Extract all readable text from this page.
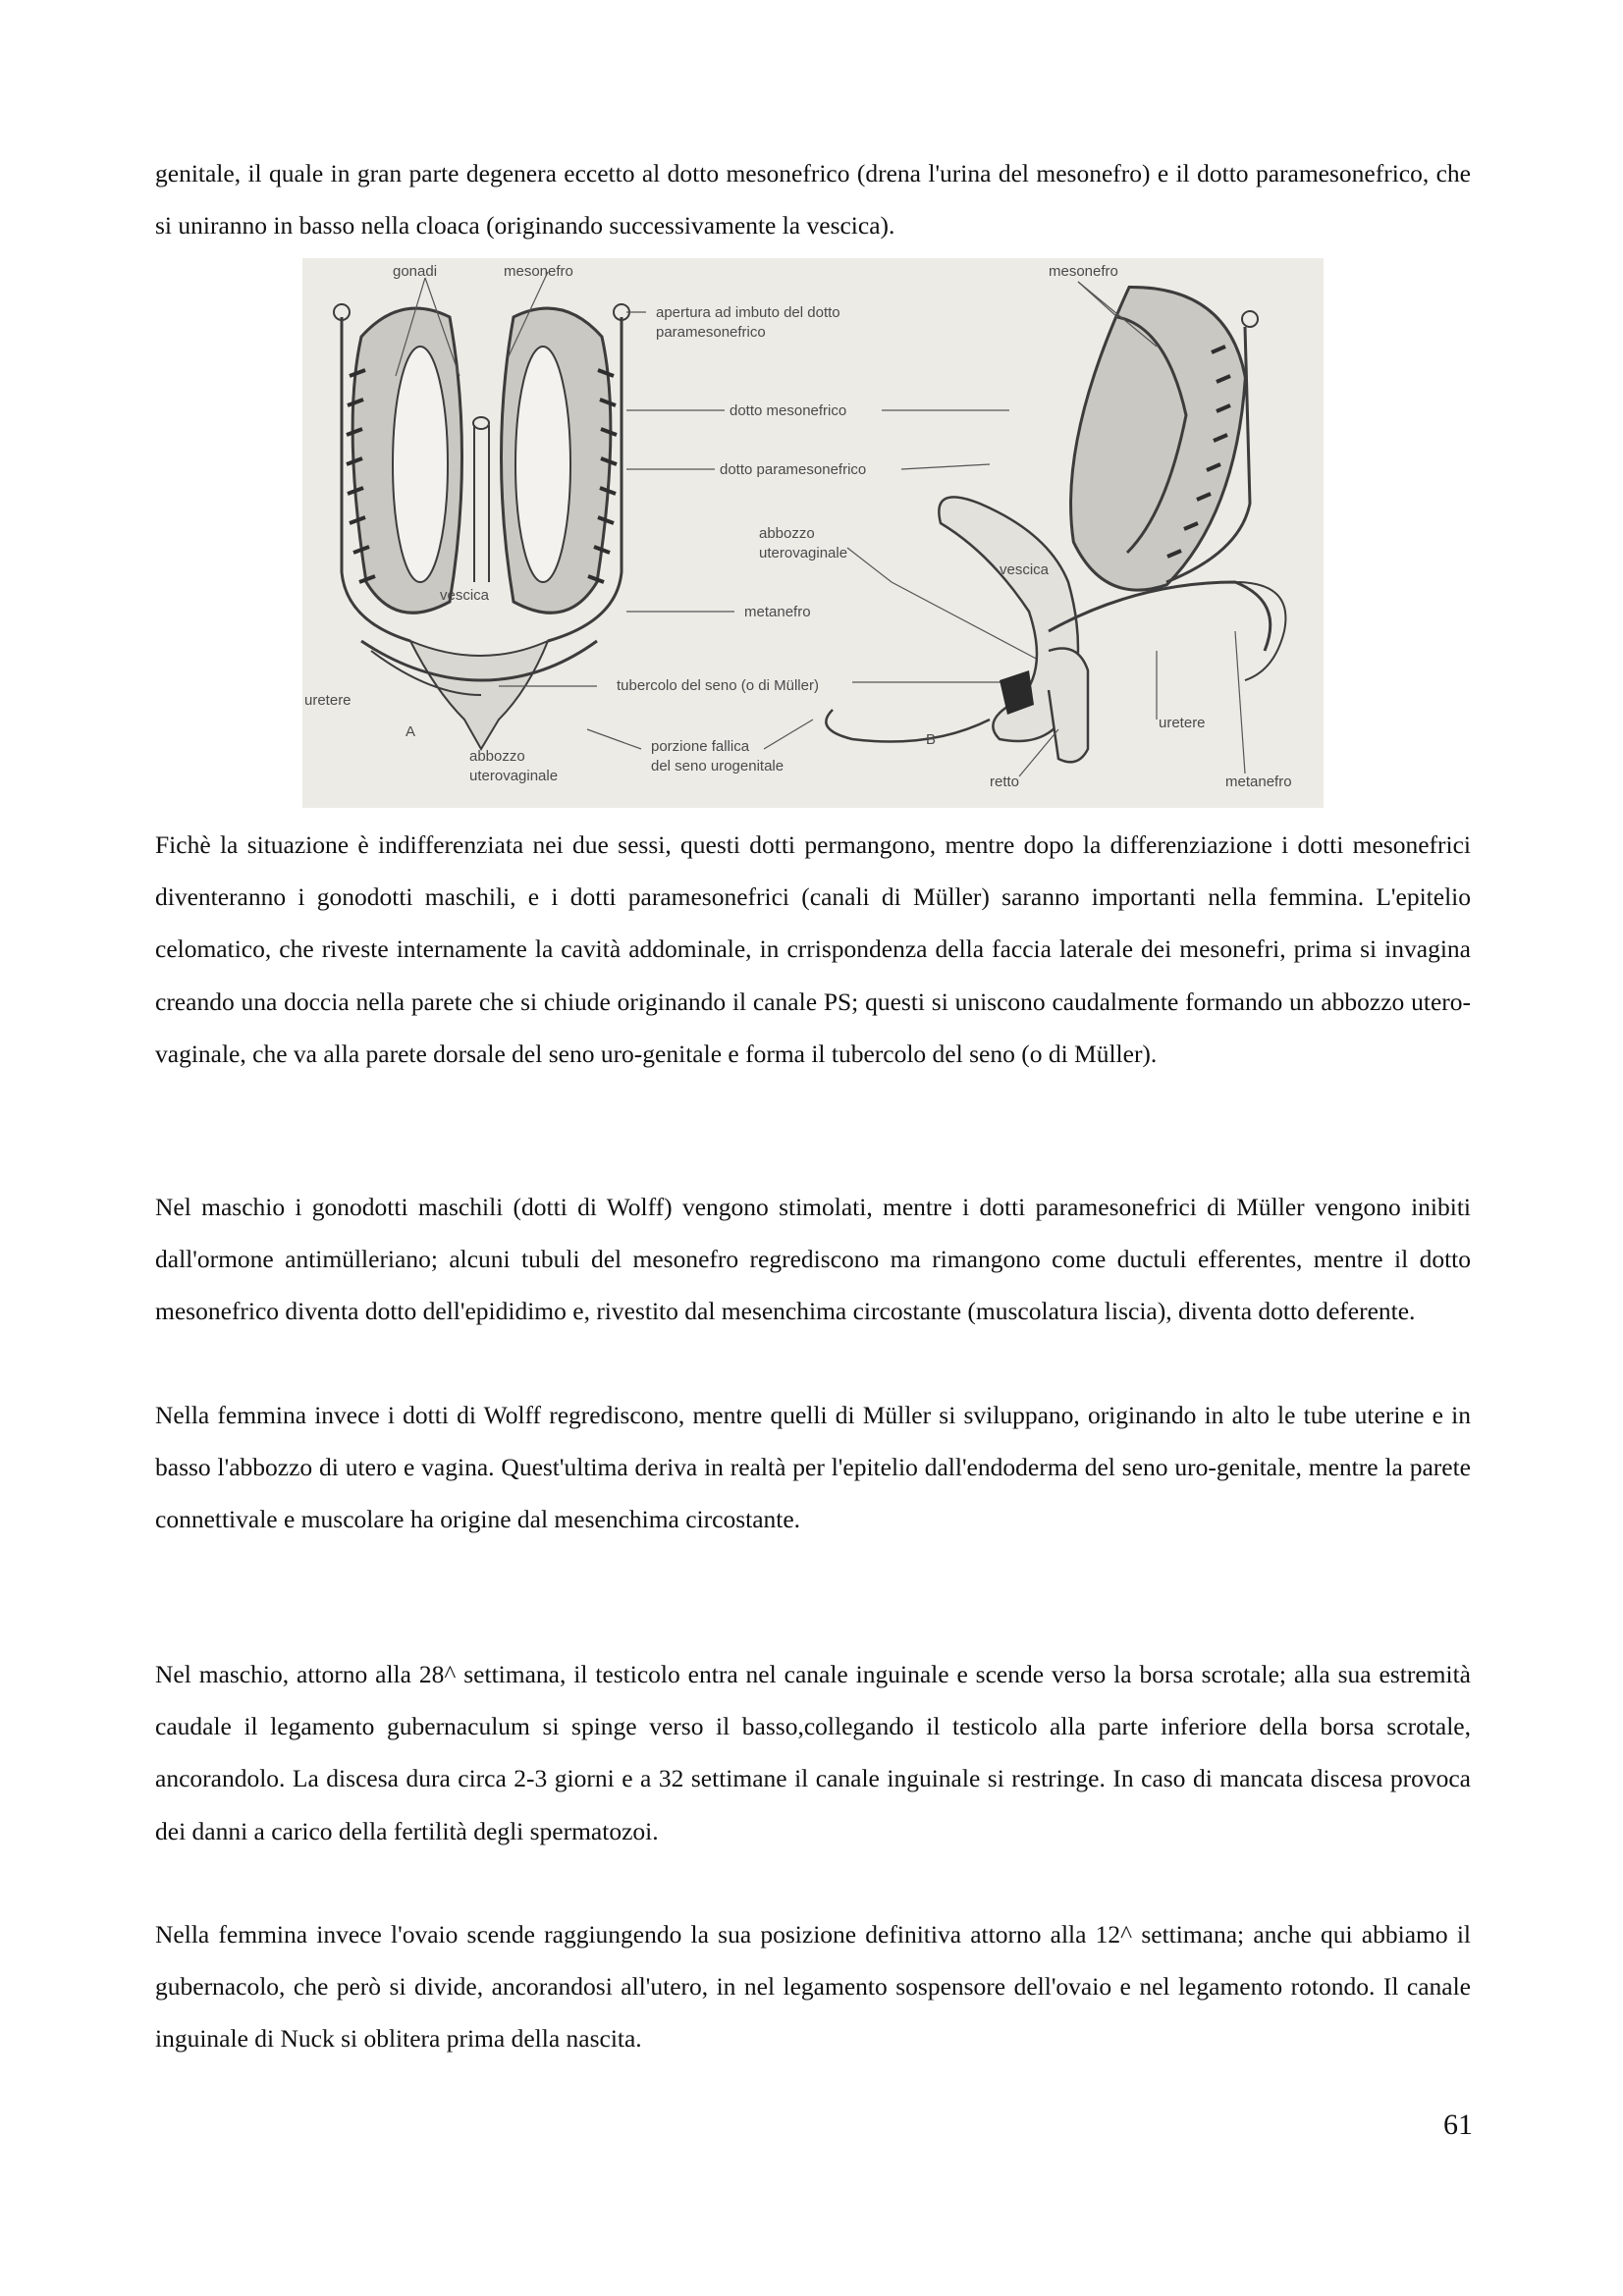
genitale, il quale in gran parte degenera eccetto al dotto mesonefrico (drena l'urina del mesonefro) e il dotto paramesonefrico, che si uniranno in basso nella cloaca (originando successivamente la vescica).

gonadi	mesonefro
apertura ad imbuto del dotto
paramesonefrico
dotto mesonefrico
dotto paramesonefrico
abbozzo
uterovaginale
vescica
metanefro
tubercolo del seno (o di Müller)
uretere
A
abbozzo
uterovaginale
porzione fallica
del seno urogenitale
mesonefro
vescica
uretere
retto	metanefro
B

Fichè la situazione è indifferenziata nei due sessi, questi dotti permangono, mentre dopo la differenziazione i dotti mesonefrici diventeranno i gonodotti maschili, e i dotti paramesonefrici (canali di Müller) saranno importanti nella femmina. L'epitelio celomatico, che riveste internamente la cavità addominale, in crrispondenza della faccia laterale dei mesonefri, prima si invagina creando una doccia nella parete che si chiude originando il canale PS; questi si uniscono caudalmente formando un abbozzo utero-vaginale, che va alla parete dorsale del seno uro-genitale e forma il tubercolo del seno (o di Müller).

Nel maschio i gonodotti maschili (dotti di Wolff) vengono stimolati, mentre i dotti paramesonefrici di Müller vengono inibiti dall'ormone antimülleriano; alcuni tubuli del mesonefro regrediscono ma rimangono come ductuli efferentes, mentre il dotto mesonefrico diventa dotto dell'epididimo e, rivestito dal mesenchima circostante (muscolatura liscia), diventa dotto deferente.

Nella femmina invece i dotti di Wolff regrediscono, mentre quelli di Müller si sviluppano, originando in alto le tube uterine e in basso l'abbozzo di utero e vagina. Quest'ultima deriva in realtà per l'epitelio dall'endoderma del seno uro-genitale, mentre la parete connettivale e muscolare ha origine dal mesenchima circostante.

Nel maschio, attorno alla 28^ settimana, il testicolo entra nel canale inguinale e scende verso la borsa scrotale; alla sua estremità caudale il legamento gubernaculum si spinge verso il basso,collegando il testicolo alla parte inferiore della borsa scrotale, ancorandolo. La discesa dura circa 2-3 giorni e a 32 settimane il canale inguinale si restringe. In caso di mancata discesa provoca dei danni a carico della fertilità degli spermatozoi.

Nella femmina invece l'ovaio scende raggiungendo la sua posizione definitiva attorno alla 12^ settimana; anche qui abbiamo il gubernacolo, che però si divide, ancorandosi all'utero, in nel legamento sospensore dell'ovaio e nel legamento rotondo. Il canale inguinale di Nuck si oblitera prima della nascita.

61
